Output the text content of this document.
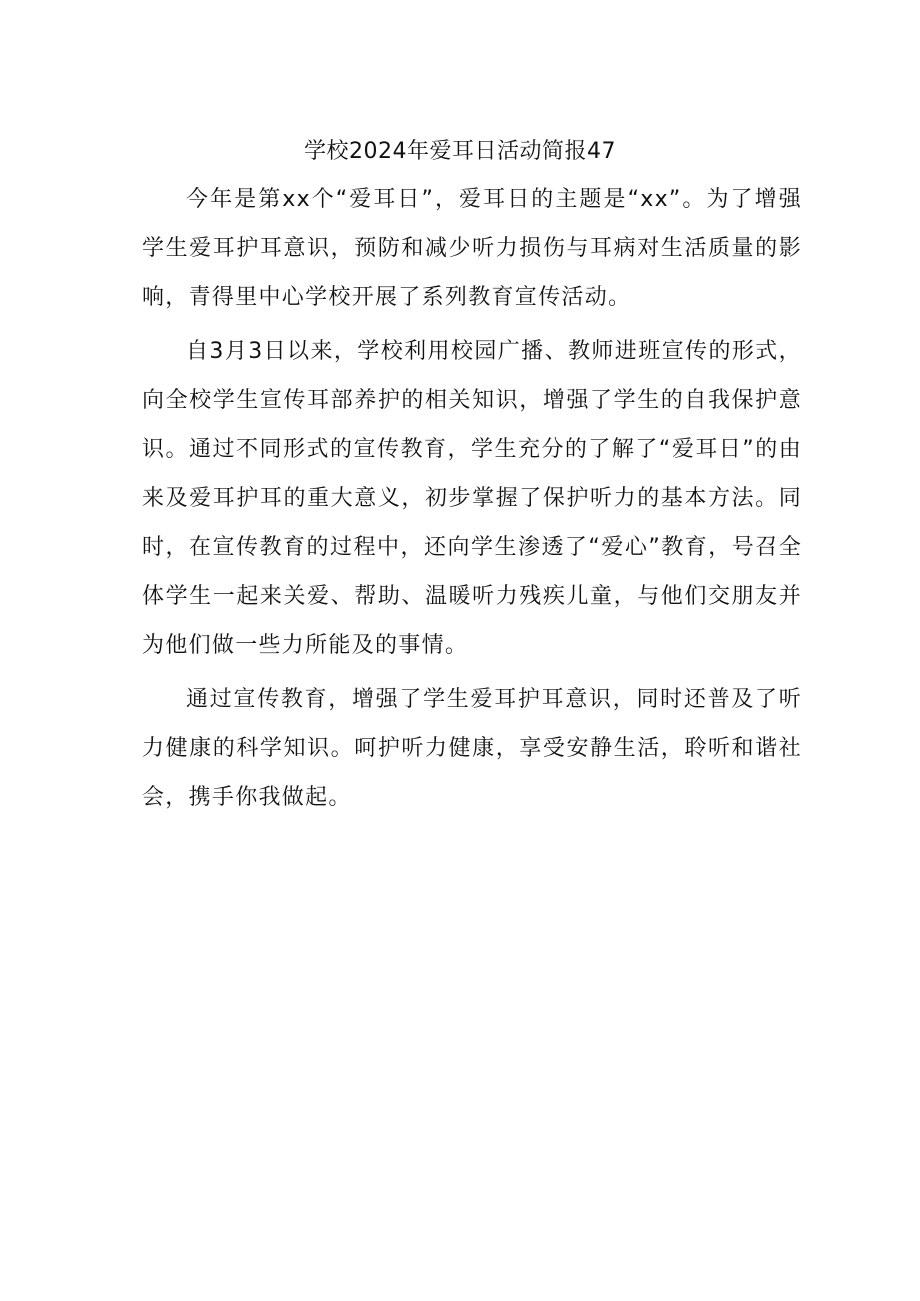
学校2024年爱耳日活动简报47

今年是第xx个“爱耳日”，爱耳日的主题是“xx”。为了增强学生爱耳护耳意识，预防和减少听力损伤与耳病对生活质量的影响，青得里中心学校开展了系列教育宣传活动。

自3月3日以来，学校利用校园广播、教师进班宣传的形式，向全校学生宣传耳部养护的相关知识，增强了学生的自我保护意识。通过不同形式的宣传教育，学生充分的了解了“爱耳日”的由来及爱耳护耳的重大意义，初步掌握了保护听力的基本方法。同时，在宣传教育的过程中，还向学生渗透了“爱心”教育，号召全体学生一起来关爱、帮助、温暖听力残疾儿童，与他们交朋友并为他们做一些力所能及的事情。

通过宣传教育，增强了学生爱耳护耳意识，同时还普及了听力健康的科学知识。呵护听力健康，享受安静生活，聆听和谐社会，携手你我做起。
